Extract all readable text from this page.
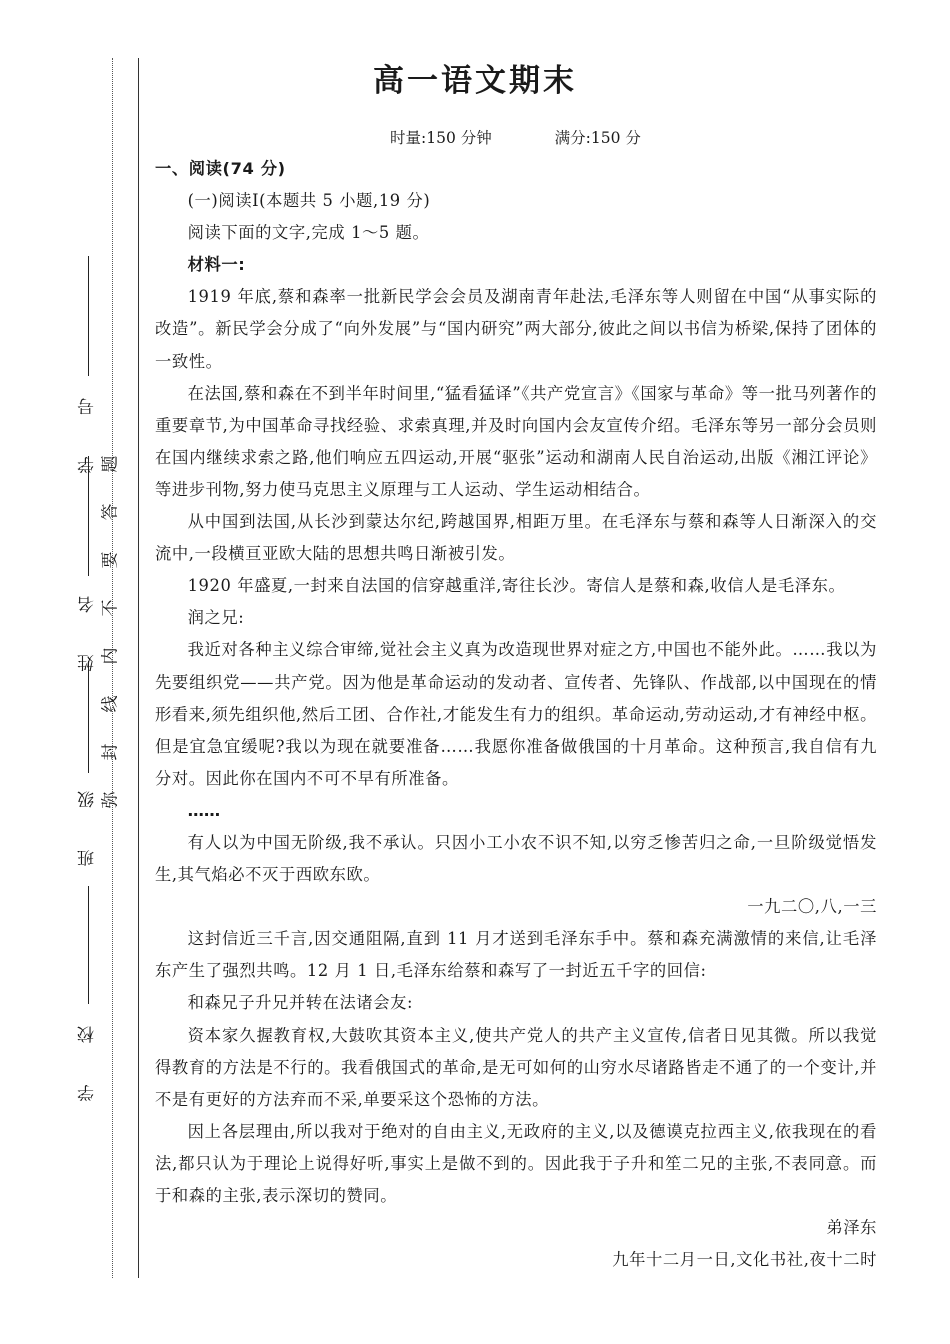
学 校
班 级
姓 名
学 号 题
答
要
不
内
线
封
弥
高一语文期末
时量:150 分钟	满分:150 分

一、阅读(74 分)

(一)阅读Ⅰ(本题共 5 小题,19 分)

阅读下面的文字,完成 1～5 题。

材料一:

1919 年底,蔡和森率一批新民学会会员及湖南青年赴法,毛泽东等人则留在中国“从事实际的改造”。新民学会分成了“向外发展”与“国内研究”两大部分,彼此之间以书信为桥梁,保持了团体的一致性。

在法国,蔡和森在不到半年时间里,“猛看猛译”《共产党宣言》《国家与革命》等一批马列著作的重要章节,为中国革命寻找经验、求索真理,并及时向国内会友宣传介绍。毛泽东等另一部分会员则在国内继续求索之路,他们响应五四运动,开展“驱张”运动和湖南人民自治运动,出版《湘江评论》等进步刊物,努力使马克思主义原理与工人运动、学生运动相结合。

从中国到法国,从长沙到蒙达尔纪,跨越国界,相距万里。在毛泽东与蔡和森等人日渐深入的交流中,一段横亘亚欧大陆的思想共鸣日渐被引发。

1920 年盛夏,一封来自法国的信穿越重洋,寄往长沙。寄信人是蔡和森,收信人是毛泽东。

润之兄:

我近对各种主义综合审缔,觉社会主义真为改造现世界对症之方,中国也不能外此。……我以为先要组织党——共产党。因为他是革命运动的发动者、宣传者、先锋队、作战部,以中国现在的情形看来,须先组织他,然后工团、合作社,才能发生有力的组织。革命运动,劳动运动,才有神经中枢。但是宜急宜缓呢?我以为现在就要准备……我愿你准备做俄国的十月革命。这种预言,我自信有九分对。因此你在国内不可不早有所准备。

……

有人以为中国无阶级,我不承认。只因小工小农不识不知,以穷乏惨苦归之命,一旦阶级觉悟发生,其气焰必不灭于西欧东欧。

一九二〇,八,一三

这封信近三千言,因交通阻隔,直到 11 月才送到毛泽东手中。蔡和森充满激情的来信,让毛泽东产生了强烈共鸣。12 月 1 日,毛泽东给蔡和森写了一封近五千字的回信:

和森兄子升兄并转在法诸会友:

资本家久握教育权,大鼓吹其资本主义,使共产党人的共产主义宣传,信者日见其微。所以我觉得教育的方法是不行的。我看俄国式的革命,是无可如何的山穷水尽诸路皆走不通了的一个变计,并不是有更好的方法弃而不采,单要采这个恐怖的方法。

因上各层理由,所以我对于绝对的自由主义,无政府的主义,以及德谟克拉西主义,依我现在的看法,都只认为于理论上说得好听,事实上是做不到的。因此我于子升和笙二兄的主张,不表同意。而于和森的主张,表示深切的赞同。

弟泽东

九年十二月一日,文化书社,夜十二时
